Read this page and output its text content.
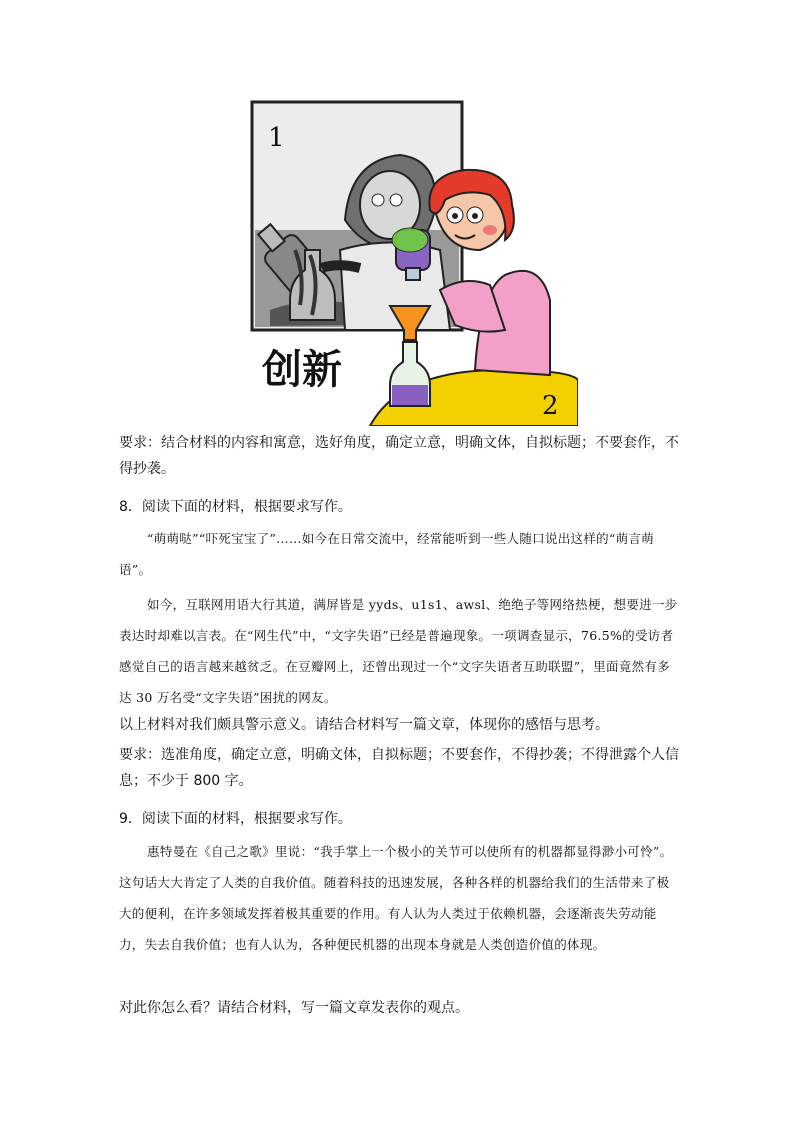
1
2
创新

要求：结合材料的内容和寓意，选好角度，确定立意，明确文体，自拟标题；不要套作，不得抄袭。

8．阅读下面的材料，根据要求写作。

“萌萌哒”“吓死宝宝了”……如今在日常交流中，经常能听到一些人随口说出这样的“萌言萌语”。

如今，互联网用语大行其道，满屏皆是 yyds、u1s1、awsl、绝绝子等网络热梗，想要进一步表达时却难以言表。在“网生代”中，“文字失语”已经是普遍现象。一项调查显示，76.5%的受访者感觉自己的语言越来越贫乏。在豆瓣网上，还曾出现过一个“文字失语者互助联盟”，里面竟然有多达 30 万名受“文字失语”困扰的网友。

以上材料对我们颇具警示意义。请结合材料写一篇文章，体现你的感悟与思考。

要求：选准角度，确定立意，明确文体，自拟标题；不要套作，不得抄袭；不得泄露个人信息；不少于 800 字。

9．阅读下面的材料，根据要求写作。

惠特曼在《自己之歌》里说：“我手掌上一个极小的关节可以使所有的机器都显得渺小可怜”。这句话大大肯定了人类的自我价值。随着科技的迅速发展，各种各样的机器给我们的生活带来了极大的便利，在许多领域发挥着极其重要的作用。有人认为人类过于依赖机器，会逐渐丧失劳动能力，失去自我价值；也有人认为，各种便民机器的出现本身就是人类创造价值的体现。

对此你怎么看？请结合材料，写一篇文章发表你的观点。
